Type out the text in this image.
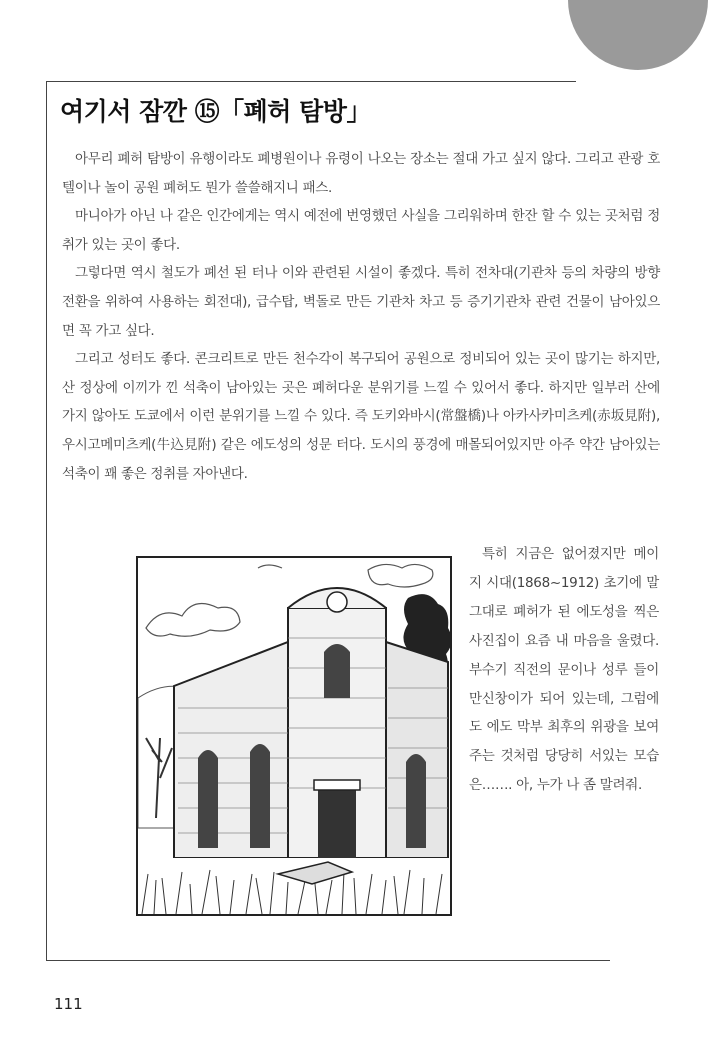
여기서 잠깐 ⑮「폐허 탐방」

아무리 폐허 탐방이 유행이라도 폐병원이나 유령이 나오는 장소는 절대 가고 싶지 않다. 그리고 관광 호텔이나 놀이 공원 폐허도 뭔가 쓸쓸해지니 패스.

마니아가 아닌 나 같은 인간에게는 역시 예전에 번영했던 사실을 그리워하며 한잔 할 수 있는 곳처럼 정취가 있는 곳이 좋다.

그렇다면 역시 철도가 폐선 된 터나 이와 관련된 시설이 좋겠다. 특히 전차대(기관차 등의 차량의 방향전환을 위하여 사용하는 회전대), 급수탑, 벽돌로 만든 기관차 차고 등 증기기관차 관련 건물이 남아있으면 꼭 가고 싶다.

그리고 성터도 좋다. 콘크리트로 만든 천수각이 복구되어 공원으로 정비되어 있는 곳이 많기는 하지만, 산 정상에 이끼가 낀 석축이 남아있는 곳은 폐허다운 분위기를 느낄 수 있어서 좋다. 하지만 일부러 산에 가지 않아도 도쿄에서 이런 분위기를 느낄 수 있다. 즉 도키와바시(常盤橋)나 아카사카미츠케(赤坂見附), 우시고메미츠케(牛込見附) 같은 에도성의 성문 터다. 도시의 풍경에 매몰되어있지만 아주 약간 남아있는 석축이 꽤 좋은 정취를 자아낸다.

특히 지금은 없어졌지만 메이지 시대(1868~1912) 초기에 말 그대로 폐허가 된 에도성을 찍은 사진집이 요즘 내 마음을 울렸다. 부수기 직전의 문이나 성루 들이 만신창이가 되어 있는데, 그럼에도 에도 막부 최후의 위광을 보여주는 것처럼 당당히 서있는 모습은……. 아, 누가 나 좀 말려줘.

111
